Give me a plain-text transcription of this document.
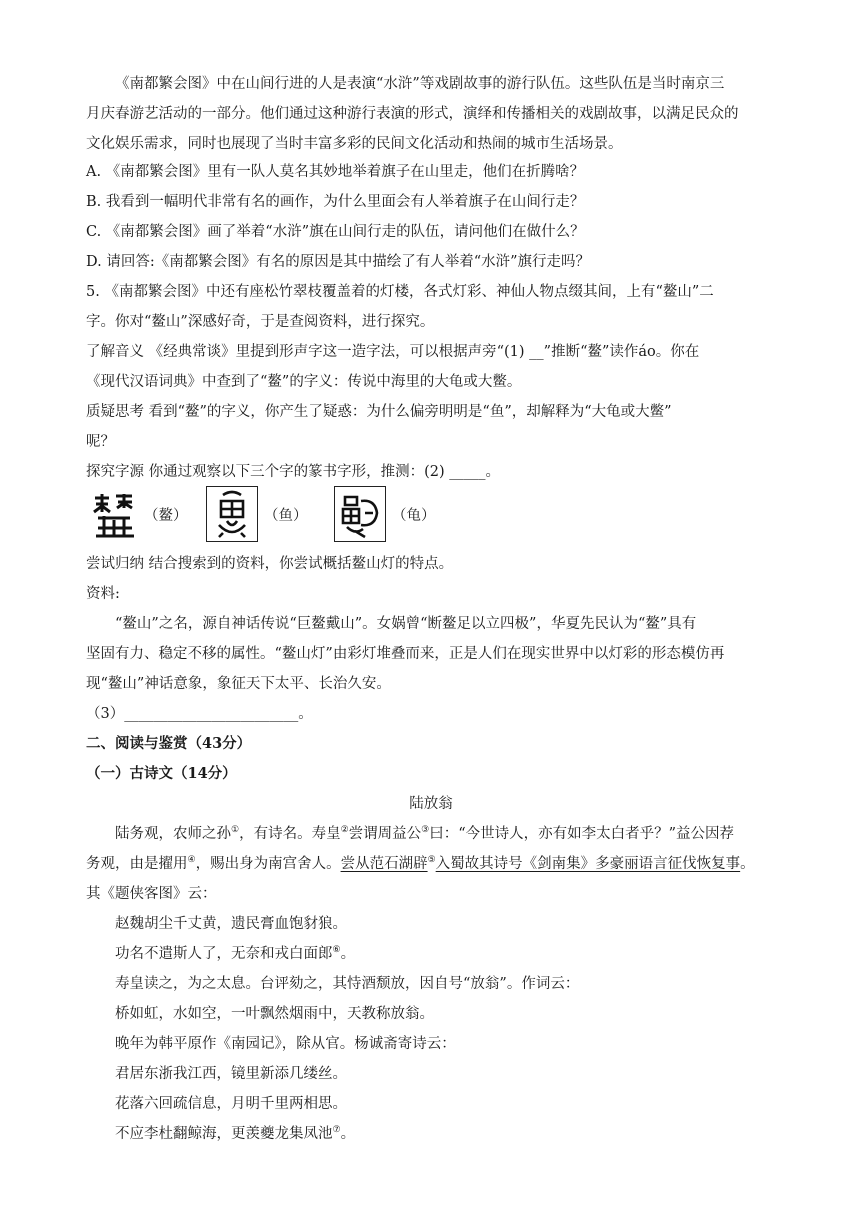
《南都繁会图》中在山间行进的人是表演“水浒”等戏剧故事的游行队伍。这些队伍是当时南京三
月庆春游艺活动的一部分。他们通过这种游行表演的形式，演绎和传播相关的戏剧故事，以满足民众的
文化娱乐需求，同时也展现了当时丰富多彩的民间文化活动和热闹的城市生活场景。
A. 《南都繁会图》里有一队人莫名其妙地举着旗子在山里走，他们在折腾啥？
B. 我看到一幅明代非常有名的画作，为什么里面会有人举着旗子在山间行走？
C. 《南都繁会图》画了举着“水浒”旗在山间行走的队伍，请问他们在做什么？
D. 请回答:《南都繁会图》有名的原因是其中描绘了有人举着“水浒”旗行走吗？
5. 《南都繁会图》中还有座松竹翠枝覆盖着的灯楼，各式灯彩、神仙人物点缀其间，上有“鳌山”二
字。你对“鳌山”深感好奇，于是查阅资料，进行探究。
了解音义 《经典常谈》里提到形声字这一造字法，可以根据声旁“(1) __”推断“鳌”读作áo。你在
《现代汉语词典》中查到了“鳌”的字义：传说中海里的大龟或大鳖。
质疑思考 看到“鳌”的字义，你产生了疑惑：为什么偏旁明明是“鱼”，却解释为“大龟或大鳖”
呢？
探究字源 你通过观察以下三个字的篆书字形，推测：(2) _____。
（鳌）	（鱼）	（龟）
尝试归纳 结合搜索到的资料，你尝试概括鳌山灯的特点。
资料:
“鳌山”之名，源自神话传说“巨鳌戴山”。女娲曾“断鳌足以立四极”，华夏先民认为“鳌”具有
坚固有力、稳定不移的属性。“鳌山灯”由彩灯堆叠而来，正是人们在现实世界中以灯彩的形态模仿再
现“鳌山”神话意象，象征天下太平、长治久安。
（3）________________________。
二、阅读与鉴赏（43分）
（一）古诗文（14分）
陆放翁
陆务观，农师之孙①，有诗名。寿皇②尝谓周益公③曰：“今世诗人，亦有如李太白者乎？”益公因荐
务观，由是擢用④，赐出身为南宫舍人。尝从范石湖辟⑤入蜀故其诗号《剑南集》多豪丽语言征伐恢复事。
其《题侠客图》云：
赵魏胡尘千丈黄，遗民膏血饱豺狼。
功名不遣斯人了，无奈和戎白面郎⑥。
寿皇读之，为之太息。台评劾之，其恃酒颓放，因自号“放翁”。作词云：
桥如虹，水如空，一叶飘然烟雨中，天教称放翁。
晚年为韩平原作《南园记》，除从官。杨诚斋寄诗云：
君居东浙我江西，镜里新添几缕丝。
花落六回疏信息，月明千里两相思。
不应李杜翻鲸海，更羡夔龙集凤池⑦。
